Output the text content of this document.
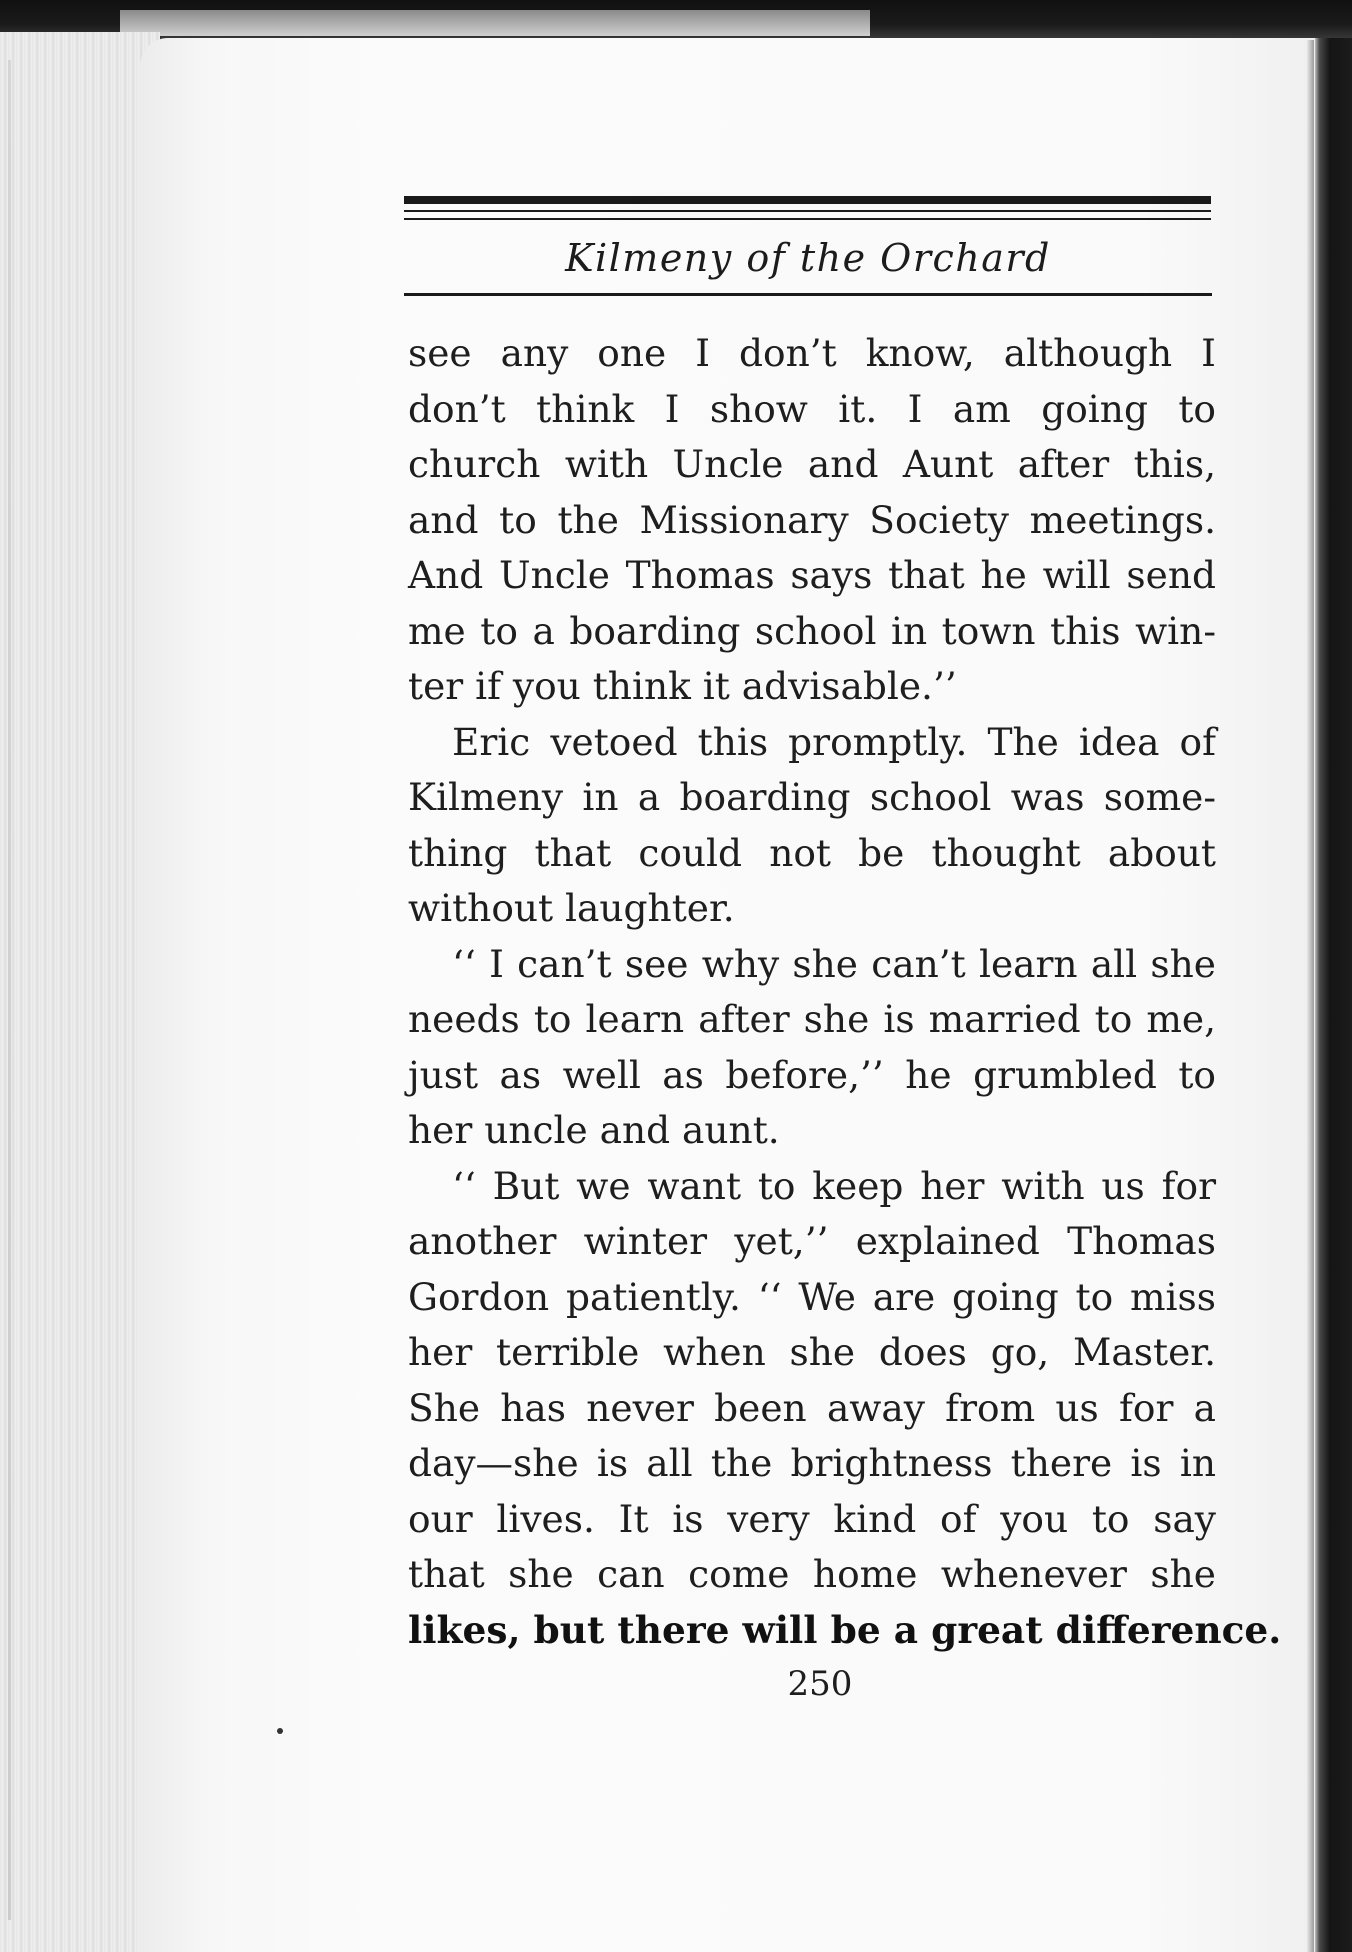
Kilmeny of the Orchard
see any one I don’t know, although I
don’t think I show it. I am going to
church with Uncle and Aunt after this,
and to the Missionary Society meetings.
And Uncle Thomas says that he will send
me to a boarding school in town this win-
ter if you think it advisable.’’
Eric vetoed this promptly. The idea of
Kilmeny in a boarding school was some-
thing that could not be thought about
without laughter.
‘‘ I can’t see why she can’t learn all she
needs to learn after she is married to me,
just as well as before,’’ he grumbled to
her uncle and aunt.
‘‘ But we want to keep her with us for
another winter yet,’’ explained Thomas
Gordon patiently. ‘‘ We are going to miss
her terrible when she does go, Master.
She has never been away from us for a
day—she is all the brightness there is in
our lives. It is very kind of you to say
that she can come home whenever she
likes, but there will be a great difference.
250
